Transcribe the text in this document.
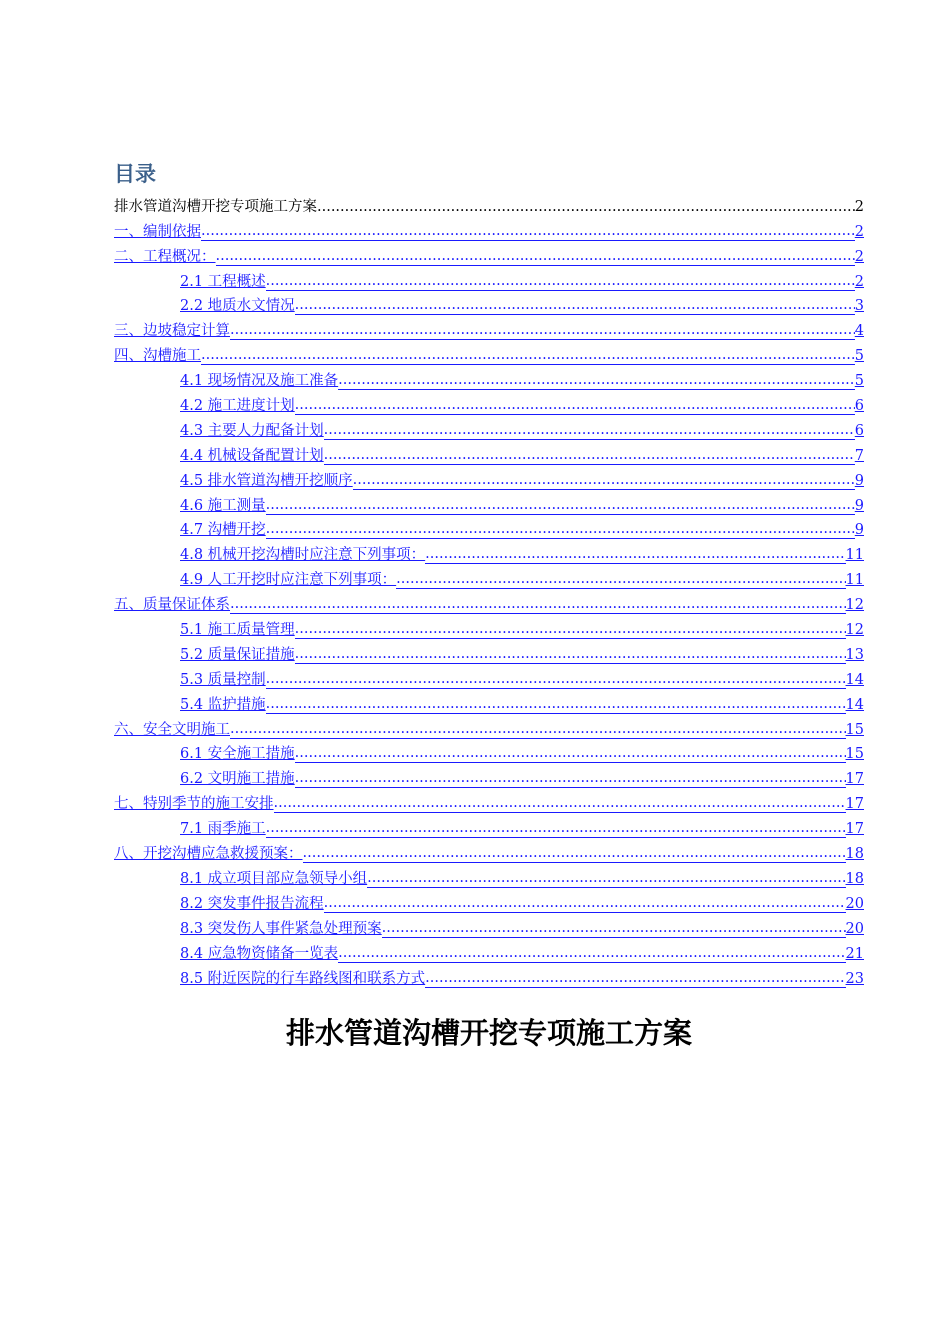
目录
排水管道沟槽开挖专项施工方案 .....	2
一、编制依据 .....	2
二、工程概况： .....	2
2.1 工程概述 .....	2
2.2 地质水文情况 .....	3
三、边坡稳定计算 .....	4
四、沟槽施工 .....	5
4.1 现场情况及施工准备 .....	5
4.2 施工进度计划 .....	6
4.3 主要人力配备计划 .....	6
4.4 机械设备配置计划 .....	7
4.5 排水管道沟槽开挖顺序 .....	9
4.6 施工测量 .....	9
4.7 沟槽开挖 .....	9
4.8 机械开挖沟槽时应注意下列事项： .....	11
4.9 人工开挖时应注意下列事项： .....	11
五、质量保证体系 .....	12
5.1 施工质量管理 .....	12
5.2 质量保证措施 .....	13
5.3 质量控制 .....	14
5.4 监护措施 .....	14
六、安全文明施工 .....	15
6.1 安全施工措施 .....	15
6.2 文明施工措施 .....	17
七、特别季节的施工安排 .....	17
7.1 雨季施工 .....	17
八、开挖沟槽应急救援预案： .....	18
8.1 成立项目部应急领导小组 .....	18
8.2 突发事件报告流程 .....	20
8.3 突发伤人事件紧急处理预案 .....	20
8.4 应急物资储备一览表 .....	21
8.5 附近医院的行车路线图和联系方式 .....	23
排水管道沟槽开挖专项施工方案
